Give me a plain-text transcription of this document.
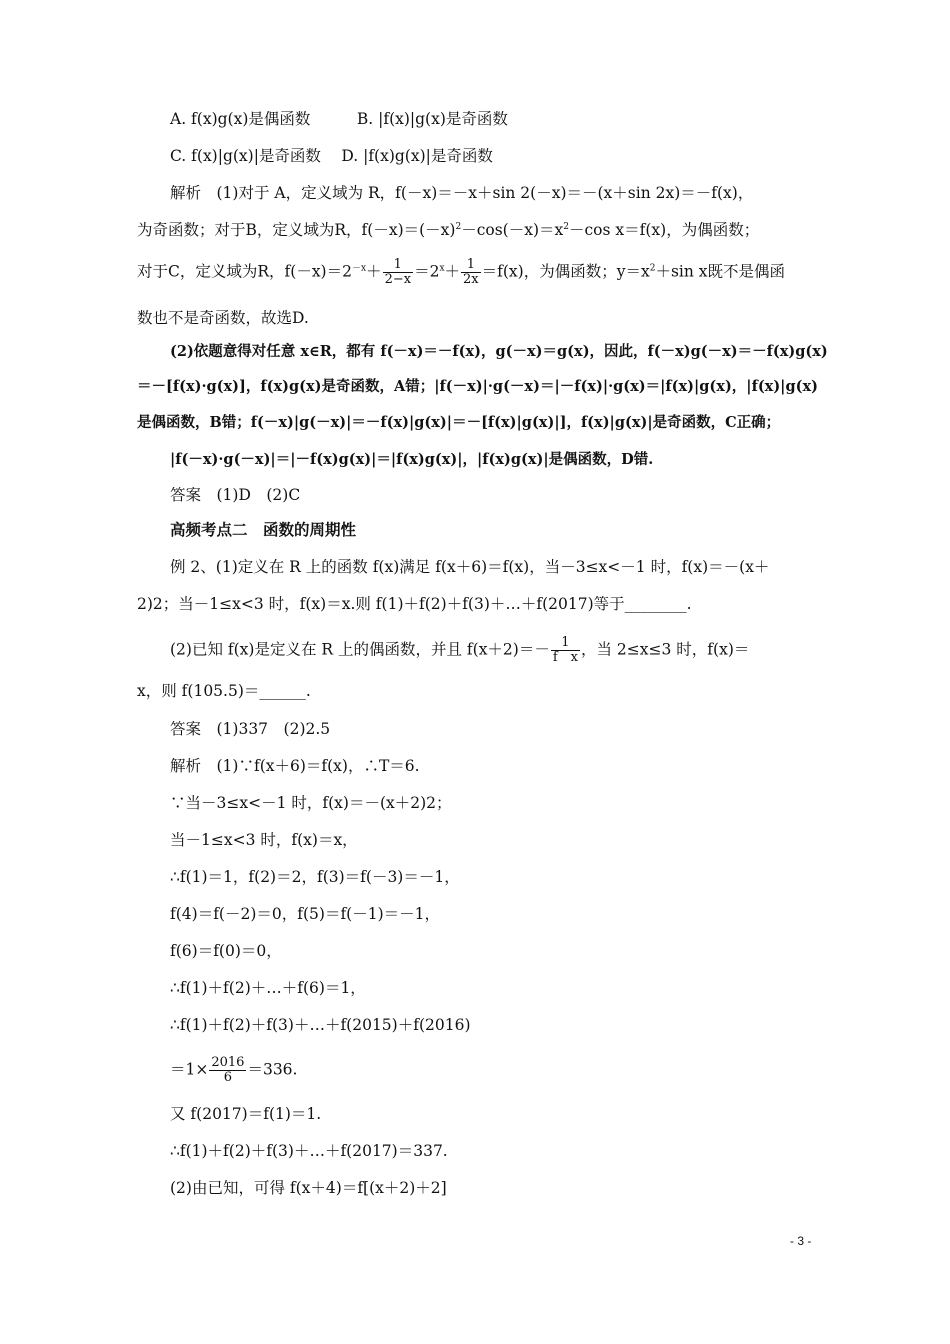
A. f(x)g(x)是偶函数　　　B. |f(x)|g(x)是奇函数
C. f(x)|g(x)|是奇函数　 D. |f(x)g(x)|是奇函数
解析　(1)对于 A，定义域为 R，f(－x)＝－x＋sin 2(－x)＝－(x＋sin 2x)＝－f(x)，
为奇函数；对于B，定义域为R，$f(-x)=(-x)^2-\cos(-x)=x^2-\cos$ x＝f(x)，为偶函数；
对于C，定义域为R，$f(-x)=2^{-x}+ \frac{1}{2-x} =2^x+ \frac{1}{2x} =f(x)$，为偶函数；$y=x^2+\sin$ x既不是偶函
数也不是奇函数，故选D.
(2)依题意得对任意 x∈R，都有 f(－x)＝－f(x)，g(－x)＝g(x)，因此，f(－x)g(－x)＝－f(x)g(x)
＝－[f(x)·g(x)]，f(x)g(x)是奇函数，A错；|f(－x)|·g(－x)＝|－f(x)|·g(x)＝|f(x)|g(x)，|f(x)|g(x)
是偶函数，B错；f(－x)|g(－x)|＝－f(x)|g(x)|＝－[f(x)|g(x)|]，f(x)|g(x)|是奇函数，C正确；
|f(－x)·g(－x)|＝|－f(x)g(x)|＝|f(x)g(x)|，|f(x)g(x)|是偶函数，D错.
答案　(1)D　(2)C
高频考点二　函数的周期性
例 2、(1)定义在 R 上的函数 f(x)满足 f(x＋6)＝f(x)，当－3≤x<－1 时，f(x)＝－(x＋
2)2；当－1≤x<3 时，f(x)＝x.则 f(1)＋f(2)＋f(3)＋…＋f(2017)等于________.
(2)已知 f(x)是定义在 R 上的偶函数，并且 $f(x+2)=- \frac{1}{\text{f　x}}$ ，当 2≤x≤3 时，f(x)＝
x，则 f(105.5)＝______.
答案　(1)337　(2)2.5
解析　(1)∵f(x＋6)＝f(x)，∴T＝6.
∵当－3≤x<－1 时，f(x)＝－(x＋2)2；
当－1≤x<3 时，f(x)＝x，
∴f(1)＝1，f(2)＝2，f(3)＝f(－3)＝－1，
f(4)＝f(－2)＝0，f(5)＝f(－1)＝－1，
f(6)＝f(0)＝0，
∴f(1)＋f(2)＋…＋f(6)＝1，
∴f(1)＋f(2)＋f(3)＋…＋f(2015)＋f(2016)
$=1\times \frac{2016}{6} =336$.
又 f(2017)＝f(1)＝1.
∴f(1)＋f(2)＋f(3)＋…＋f(2017)＝337.
(2)由已知，可得 f(x＋4)＝f[(x＋2)＋2]
- 3 -
